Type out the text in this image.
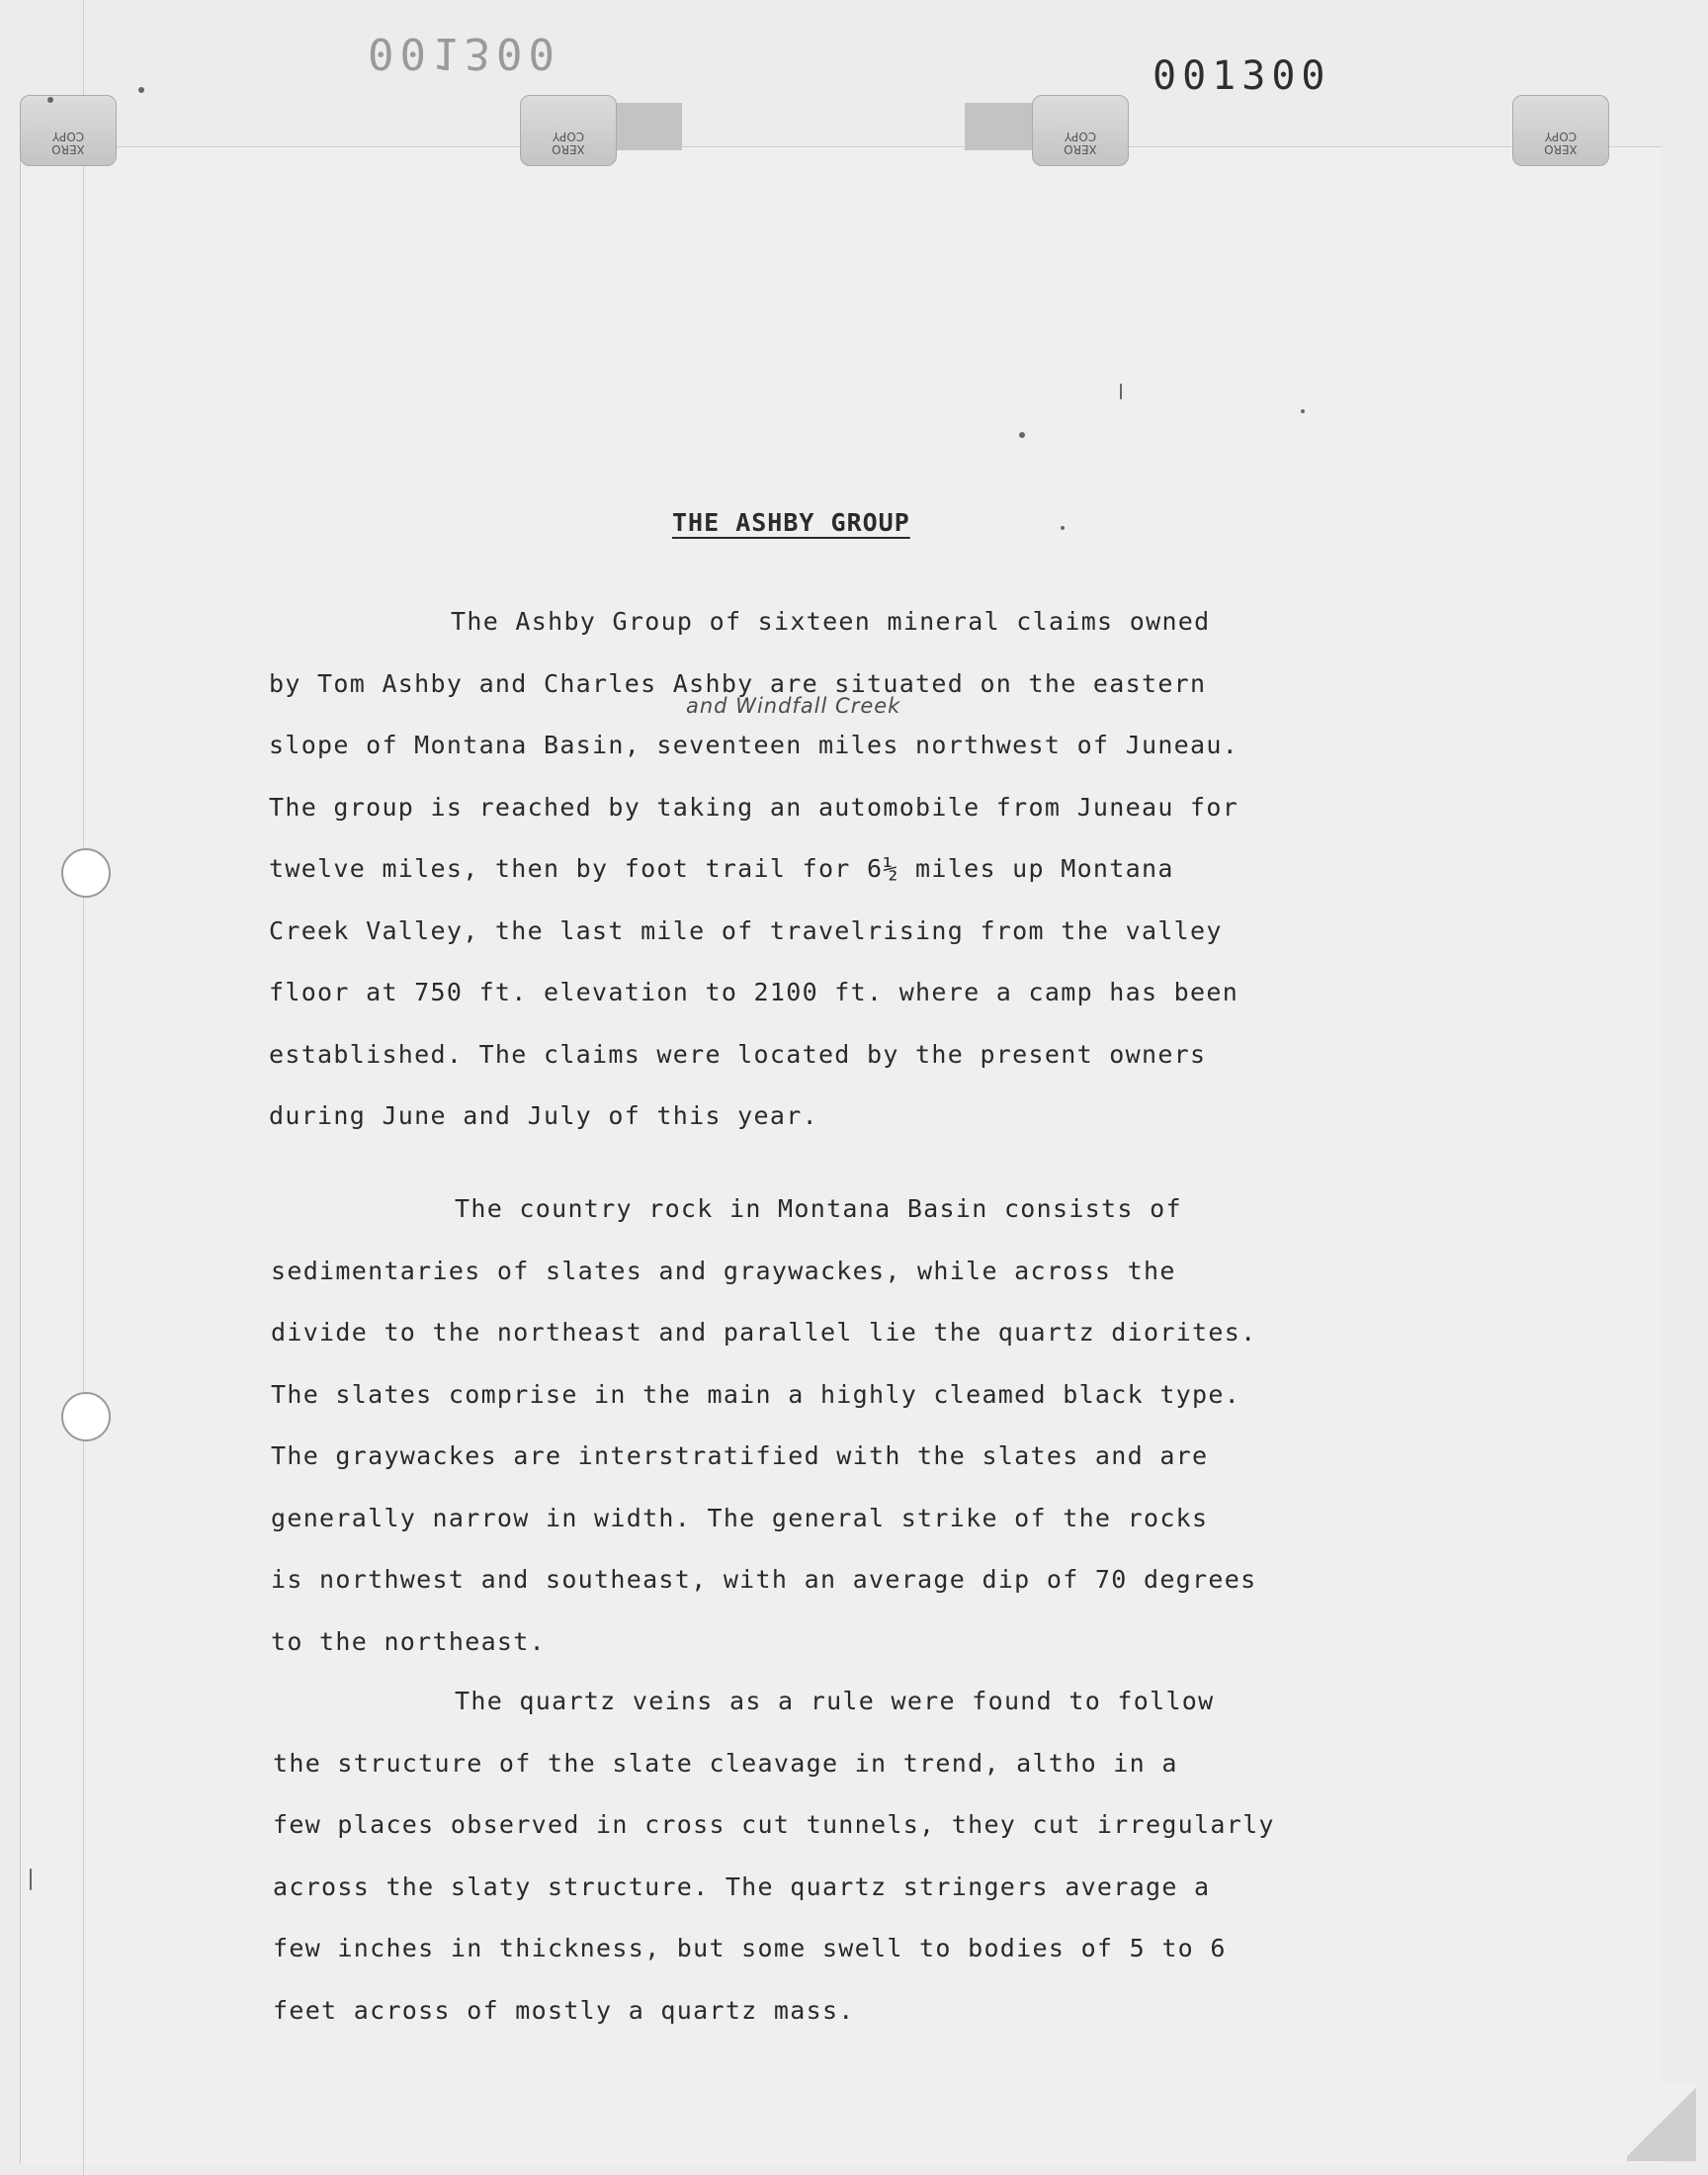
XERO
COPY
XERO
COPY
XERO
COPY
XERO
COPY
001300	001300
THE ASHBY GROUP
and Windfall Creek
The Ashby Group of sixteen mineral claims owned
by Tom Ashby and Charles Ashby are situated on the eastern
slope of Montana Basin, seventeen miles northwest of Juneau.
The group is reached by taking an automobile from Juneau for
twelve miles, then by foot trail for 6½ miles up Montana
Creek Valley, the last mile of travelrising from the valley
floor at 750 ft. elevation to 2100 ft. where a camp has been
established. The claims were located by the present owners
during June and July of this year.
The country rock in Montana Basin consists of
sedimentaries of slates and graywackes, while across the
divide to the northeast and parallel lie the quartz diorites.
The slates comprise in the main a highly cleamed black type.
The graywackes are interstratified with the slates and are
generally narrow in width. The general strike of the rocks
is northwest and southeast, with an average dip of 70 degrees
to the northeast.
The quartz veins as a rule were found to follow
the structure of the slate cleavage in trend, altho in a
few places observed in cross cut tunnels, they cut irregularly
across the slaty structure. The quartz stringers average a
few inches in thickness, but some swell to bodies of 5 to 6
feet across of mostly a quartz mass.
